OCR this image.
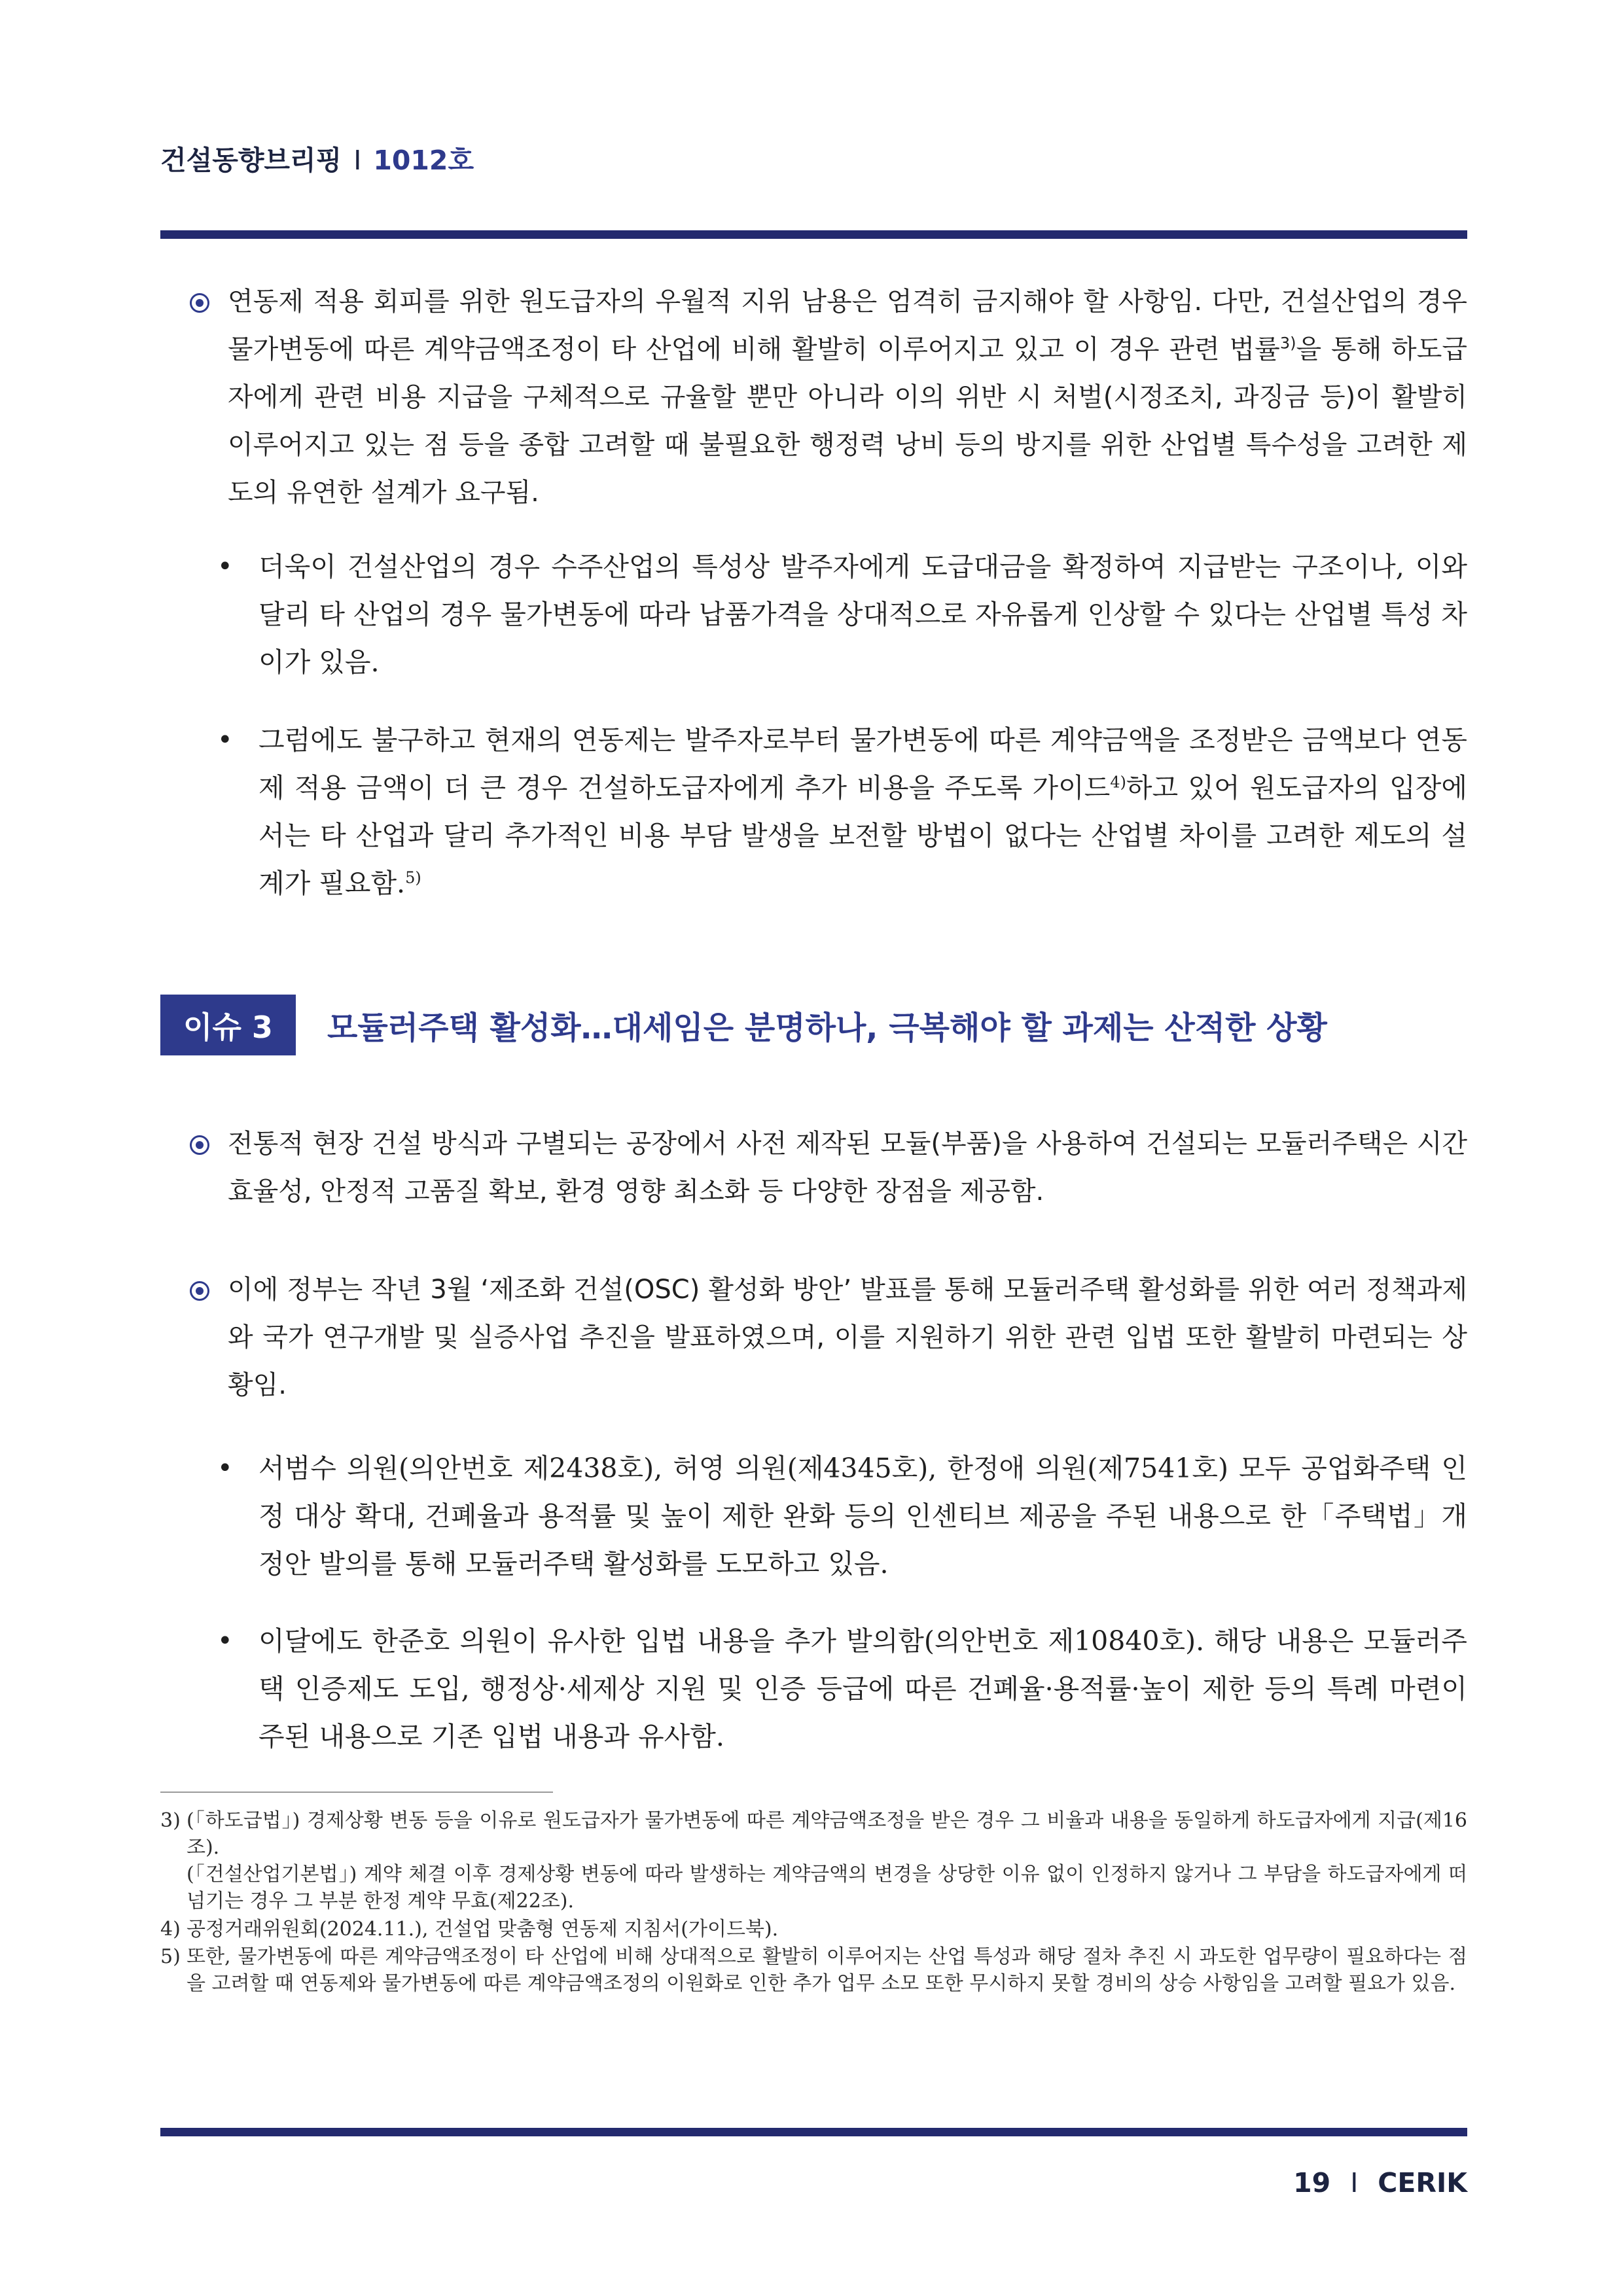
건설동향브리핑 I 1012호
연동제 적용 회피를 위한 원도급자의 우월적 지위 남용은 엄격히 금지해야 할 사항임. 다만, 건설산업의 경우 물가변동에 따른 계약금액조정이 타 산업에 비해 활발히 이루어지고 있고 이 경우 관련 법률$^{3)}$을 통해 하도급자에게 관련 비용 지급을 구체적으로 규율할 뿐만 아니라 이의 위반 시 처벌(시정조치, 과징금 등)이 활발히 이루어지고 있는 점 등을 종합 고려할 때 불필요한 행정력 낭비 등의 방지를 위한 산업별 특수성을 고려한 제도의 유연한 설계가 요구됨.
• 더욱이 건설산업의 경우 수주산업의 특성상 발주자에게 도급대금을 확정하여 지급받는 구조이나, 이와 달리 타 산업의 경우 물가변동에 따라 납품가격을 상대적으로 자유롭게 인상할 수 있다는 산업별 특성 차이가 있음.
• 그럼에도 불구하고 현재의 연동제는 발주자로부터 물가변동에 따른 계약금액을 조정받은 금액보다 연동제 적용 금액이 더 큰 경우 건설하도급자에게 추가 비용을 주도록 가이드$^{4)}$하고 있어 원도급자의 입장에서는 타 산업과 달리 추가적인 비용 부담 발생을 보전할 방법이 없다는 산업별 차이를 고려한 제도의 설계가 필요함.$^{5)}$
이슈 3	모듈러주택 활성화…대세임은 분명하나, 극복해야 할 과제는 산적한 상황
전통적 현장 건설 방식과 구별되는 공장에서 사전 제작된 모듈(부품)을 사용하여 건설되는 모듈러주택은 시간 효율성, 안정적 고품질 확보, 환경 영향 최소화 등 다양한 장점을 제공함.
이에 정부는 작년 3월 ‘제조화 건설(OSC) 활성화 방안’ 발표를 통해 모듈러주택 활성화를 위한 여러 정책과제와 국가 연구개발 및 실증사업 추진을 발표하였으며, 이를 지원하기 위한 관련 입법 또한 활발히 마련되는 상황임.
• 서범수 의원(의안번호 제2438호), 허영 의원(제4345호), 한정애 의원(제7541호) 모두 공업화주택 인정 대상 확대, 건폐율과 용적률 및 높이 제한 완화 등의 인센티브 제공을 주된 내용으로 한「주택법」개정안 발의를 통해 모듈러주택 활성화를 도모하고 있음.
• 이달에도 한준호 의원이 유사한 입법 내용을 추가 발의함(의안번호 제10840호). 해당 내용은 모듈러주택 인증제도 도입, 행정상·세제상 지원 및 인증 등급에 따른 건폐율·용적률·높이 제한 등의 특례 마련이 주된 내용으로 기존 입법 내용과 유사함.
3) (「하도급법」) 경제상황 변동 등을 이유로 원도급자가 물가변동에 따른 계약금액조정을 받은 경우 그 비율과 내용을 동일하게 하도급자에게 지급(제16조).
(「건설산업기본법」) 계약 체결 이후 경제상황 변동에 따라 발생하는 계약금액의 변경을 상당한 이유 없이 인정하지 않거나 그 부담을 하도급자에게 떠넘기는 경우 그 부분 한정 계약 무효(제22조).
4) 공정거래위원회(2024.11.), 건설업 맞춤형 연동제 지침서(가이드북).
5) 또한, 물가변동에 따른 계약금액조정이 타 산업에 비해 상대적으로 활발히 이루어지는 산업 특성과 해당 절차 추진 시 과도한 업무량이 필요하다는 점을 고려할 때 연동제와 물가변동에 따른 계약금액조정의 이원화로 인한 추가 업무 소모 또한 무시하지 못할 경비의 상승 사항임을 고려할 필요가 있음.
19 I CERIK
